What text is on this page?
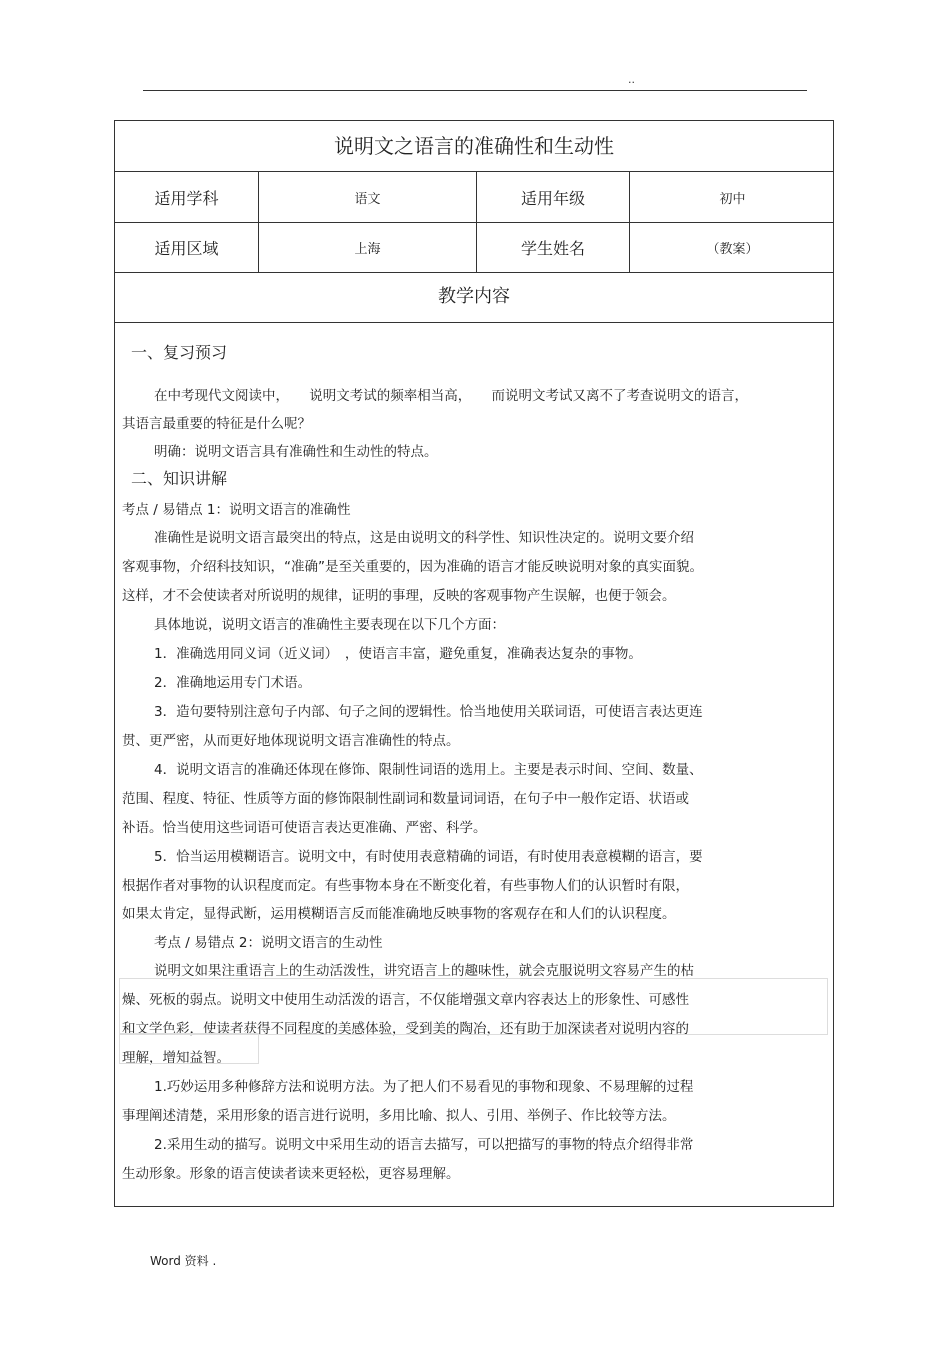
..
说明文之语言的准确性和生动性
适用学科	语文	适用年级	初中
适用区域	上海	学生姓名	（教案）
教学内容
一、复习预习
在中考现代文阅读中，　　说明文考试的频率相当高，　　而说明文考试又离不了考查说明文的语言，
其语言最重要的特征是什么呢？
明确：说明文语言具有准确性和生动性的特点。
二、知识讲解
考点 / 易错点 1：说明文语言的准确性
准确性是说明文语言最突出的特点，这是由说明文的科学性、知识性决定的。说明文要介绍
客观事物，介绍科技知识，“准确”是至关重要的，因为准确的语言才能反映说明对象的真实面貌。
这样，才不会使读者对所说明的规律，证明的事理，反映的客观事物产生误解，也便于领会。
具体地说，说明文语言的准确性主要表现在以下几个方面：
1．准确选用同义词（近义词）　，使语言丰富，避免重复，准确表达复杂的事物。
2．准确地运用专门术语。
3．造句要特别注意句子内部、句子之间的逻辑性。恰当地使用关联词语，可使语言表达更连
贯、更严密，从而更好地体现说明文语言准确性的特点。
4．说明文语言的准确还体现在修饰、限制性词语的选用上。主要是表示时间、空间、数量、
范围、程度、特征、性质等方面的修饰限制性副词和数量词词语，在句子中一般作定语、状语或
补语。恰当使用这些词语可使语言表达更准确、严密、科学。
5．恰当运用模糊语言。说明文中，有时使用表意精确的词语，有时使用表意模糊的语言，要
根据作者对事物的认识程度而定。有些事物本身在不断变化着，有些事物人们的认识暂时有限，
如果太肯定，显得武断，运用模糊语言反而能准确地反映事物的客观存在和人们的认识程度。
考点 / 易错点 2：说明文语言的生动性
说明文如果注重语言上的生动活泼性，讲究语言上的趣味性，就会克服说明文容易产生的枯
燥、死板的弱点。说明文中使用生动活泼的语言，不仅能增强文章内容表达上的形象性、可感性
和文学色彩，使读者获得不同程度的美感体验，受到美的陶冶，还有助于加深读者对说明内容的
理解，增知益智。
1.巧妙运用多种修辞方法和说明方法。为了把人们不易看见的事物和现象、不易理解的过程
事理阐述清楚，采用形象的语言进行说明，多用比喻、拟人、引用、举例子、作比较等方法。
2.采用生动的描写。说明文中采用生动的语言去描写，可以把描写的事物的特点介绍得非常
生动形象。形象的语言使读者读来更轻松，更容易理解。
Word 资料 .
